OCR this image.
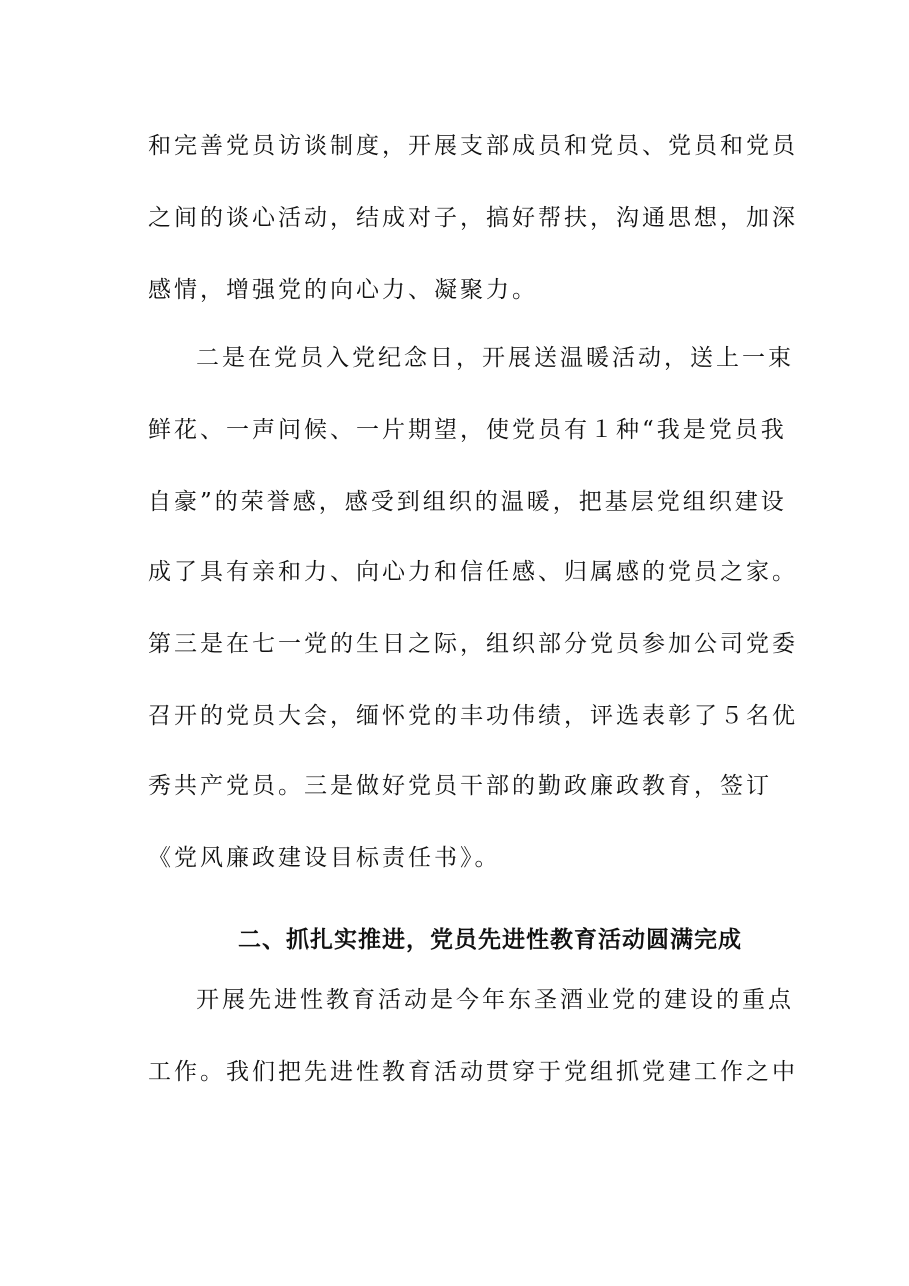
和完善党员访谈制度，开展支部成员和党员、党员和党员
之间的谈心活动，结成对子，搞好帮扶，沟通思想，加深
感情，增强党的向心力、凝聚力。
二是在党员入党纪念日，开展送温暖活动，送上一束
鲜花、一声问候、一片期望，使党员有１种“我是党员我
自豪”的荣誉感，感受到组织的温暖，把基层党组织建设
成了具有亲和力、向心力和信任感、归属感的党员之家。
第三是在七一党的生日之际，组织部分党员参加公司党委
召开的党员大会，缅怀党的丰功伟绩，评选表彰了５名优
秀共产党员。三是做好党员干部的勤政廉政教育，签订
《党风廉政建设目标责任书》。
二、抓扎实推进，党员先进性教育活动圆满完成
开展先进性教育活动是今年东圣酒业党的建设的重点
工作。我们把先进性教育活动贯穿于党组抓党建工作之中
